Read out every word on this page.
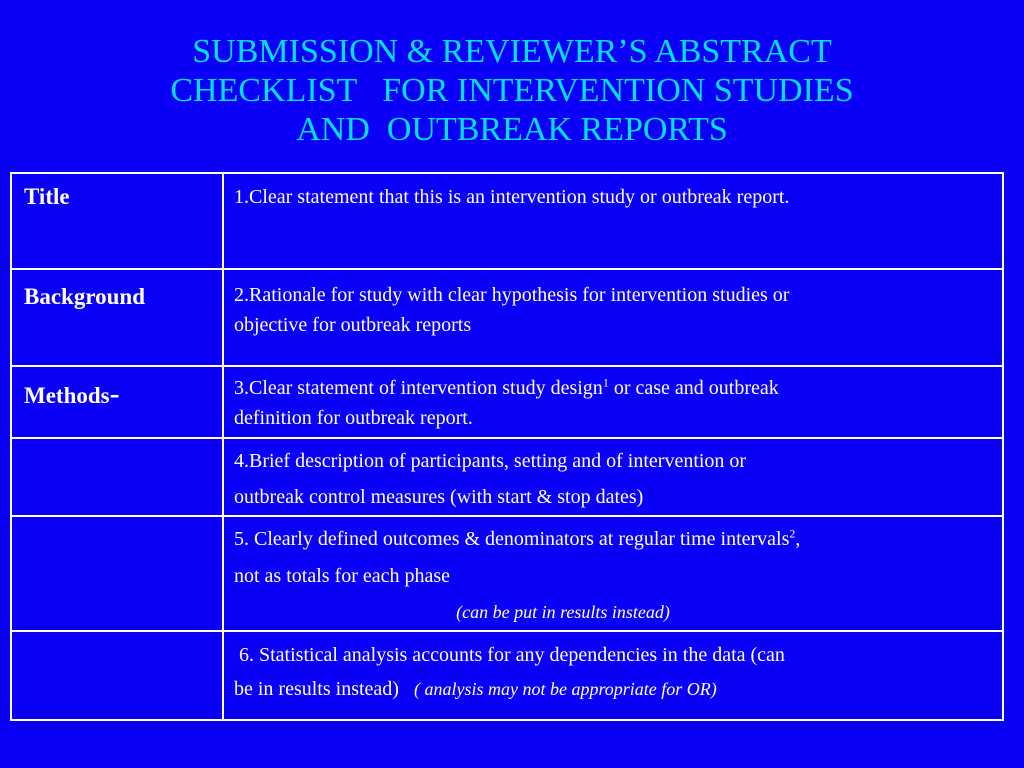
SUBMISSION & REVIEWER’S ABSTRACT
CHECKLIST   FOR INTERVENTION STUDIES
AND  OUTBREAK REPORTS
Title	1.Clear statement that this is an intervention study or outbreak report.
Background	2.Rationale for study with clear hypothesis for intervention studies or
objective for outbreak reports
Methods-	3.Clear statement of intervention study design$^1$ or case and outbreak
definition for outbreak report.
	4.Brief description of participants, setting and of intervention or
outbreak control measures (with start & stop dates)
	5. Clearly defined outcomes & denominators at regular time intervals$^2$,
not as totals for each phase
(can be put in results instead)

	6. Statistical analysis accounts for any dependencies in the data (can
be in results instead) ( analysis may not be appropriate for OR)
